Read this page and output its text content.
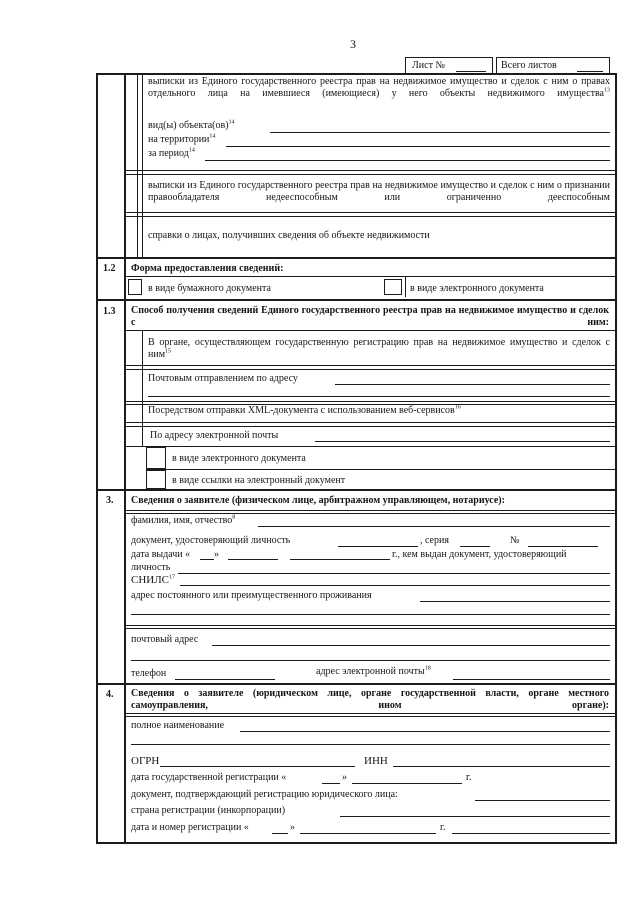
3
Лист №	Всего листов
выписки из Единого государственного реестра прав на недвижимое имущество и сделок с ним о правах отдельного лица на имевшиеся (имеющиеся) у него объекты недвижимого имущества$^{13}$
вид(ы) объекта(ов)$^{14}$
на территории$^{14}$
за период$^{14}$
выписки из Единого государственного реестра прав на недвижимое имущество и сделок с ним о признании правообладателя недееспособным или ограниченно дееспособным
справки о лицах, получивших сведения об объекте недвижимости
1.2 Форма предоставления сведений:
в виде бумажного документа	в виде электронного документа
1.3 Способ получения сведений Единого государственного реестра прав на недвижимое имущество и сделок с ним:
В органе, осуществляющем государственную регистрацию прав на недвижимое имущество и сделок с ним$^{15}$
Почтовым отправлением по адресу
Посредством отправки XML-документа с использованием веб-сервисов$^{16}$
По адресу электронной почты
в виде электронного документа
в виде ссылки на электронный документ
3. Сведения о заявителе (физическом лице, арбитражном управляющем, нотариусе):
фамилия, имя, отчество$^8$
документ, удостоверяющий личность	, серия	№
дата выдачи « »	г., кем выдан документ, удостоверяющий
личность
СНИЛС$^{17}$
адрес постоянного или преимущественного проживания
почтовый адрес
телефон	адрес электронной почты$^{18}$
4. Сведения о заявителе (юридическом лице, органе государственной власти, органе местного самоуправления, ином органе):
полное наименование
ОГРН	ИНН
дата государственной регистрации «	»	г.
документ, подтверждающий регистрацию юридического лица:
страна регистрации (инкорпорации)
дата и номер регистрации «	»	г.
